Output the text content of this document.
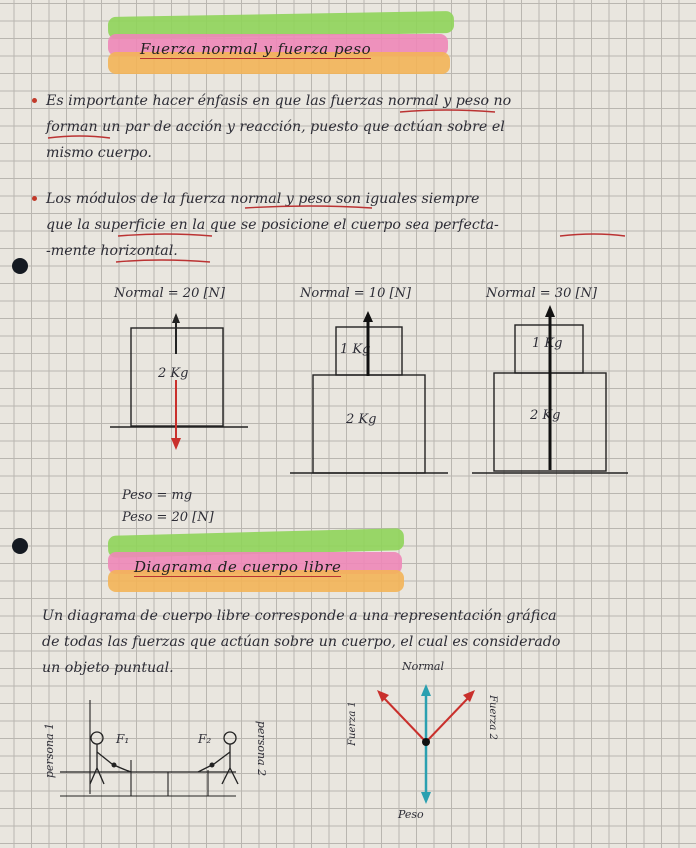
Fuerza normal y fuerza peso
Es importante hacer énfasis en que las fuerzas normal y peso no
forman un par de acción y reacción, puesto que actúan sobre el
mismo cuerpo.
Los módulos de la fuerza normal y peso son iguales siempre
que la superficie en la que se posicione el cuerpo sea perfecta-
-mente horizontal.
Normal = 20 [N]	Normal = 10 [N]	Normal = 30 [N]
2 Kg
1 Kg
2 Kg
1 Kg
2 Kg
Peso = mg
Peso = 20 [N]
Diagrama de cuerpo libre
Un diagrama de cuerpo libre corresponde a una representación gráfica
de todas las fuerzas que actúan sobre un cuerpo, el cual es considerado
un objeto puntual.
persona 1	persona 2
F₁	F₂
Normal
Peso
Fuerza 1	Fuerza 2
